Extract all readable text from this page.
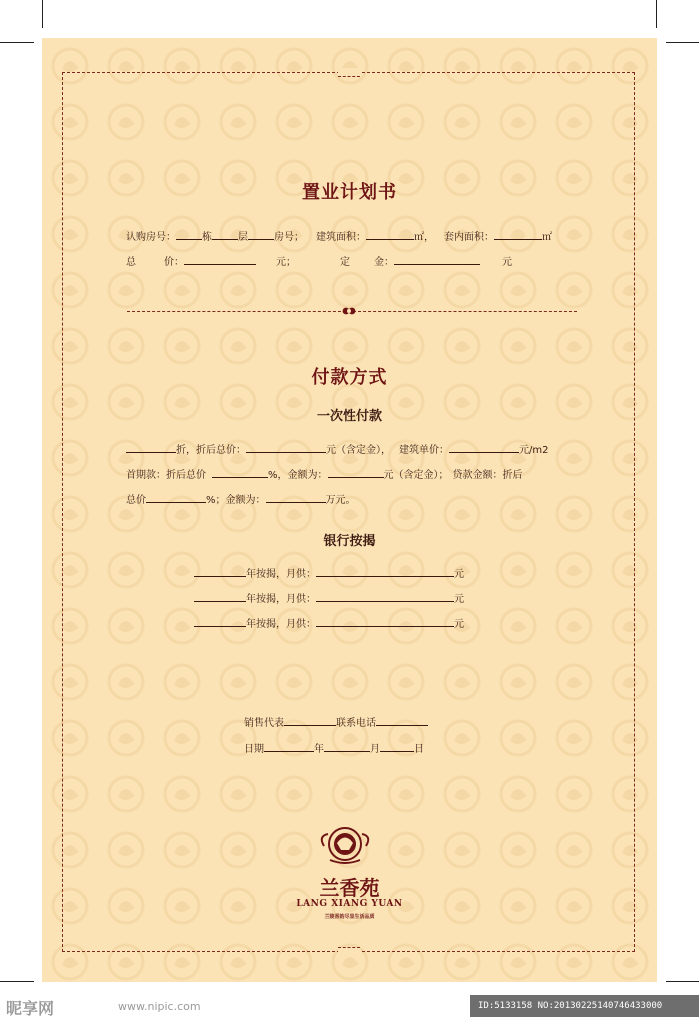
置业计划书
认购房号：	栋	层	房号； 建筑面积：	㎡， 套内面积：	㎡
总	价：	元；	定 金：	元
付款方式
一次性付款
折，折后总价：	元（含定金）， 建筑单价：	元/m2
首期款：折后总价	%，金额为：	元（含定金）； 贷款金额：折后
总价	%；金额为：	万元。
银行按揭
年按揭，月供：	元
年按揭，月供：	元
年按揭，月供：	元
销售代表	联系电话
日期	年	月	日
兰香苑
LANG XIANG YUAN
兰陵香韵尽显生活品质
昵享网	www.nipic.com	ID:5133158 NO:20130225140746433000
